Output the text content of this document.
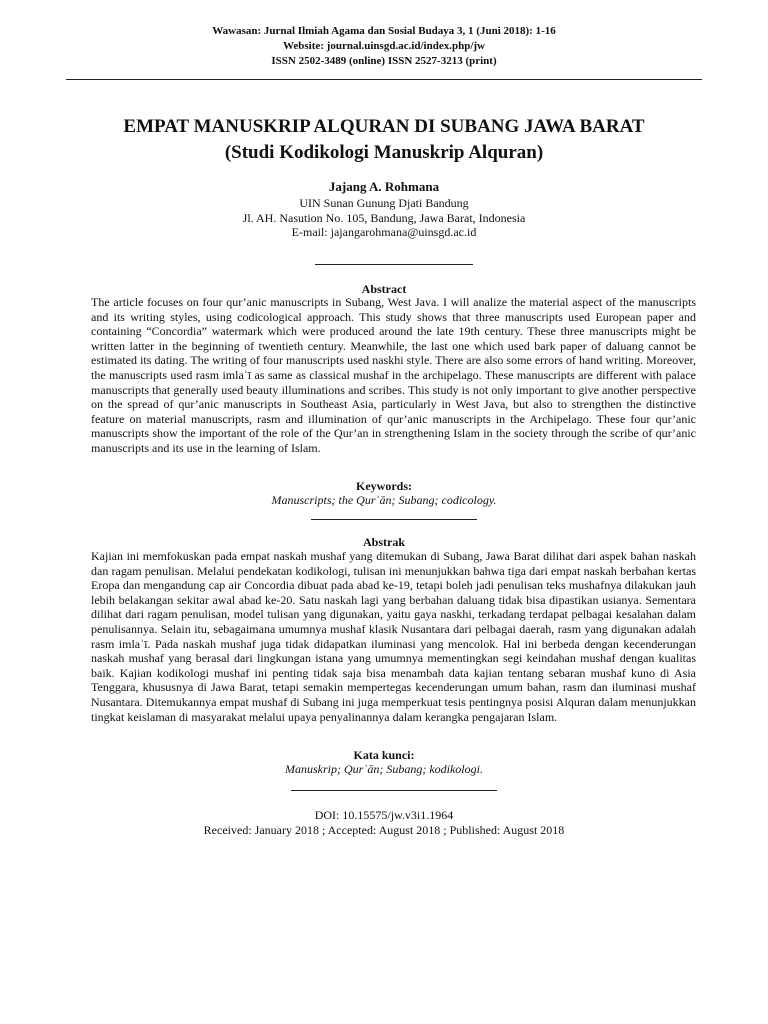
Wawasan: Jurnal Ilmiah Agama dan Sosial Budaya 3, 1 (Juni 2018): 1-16
Website: journal.uinsgd.ac.id/index.php/jw
ISSN 2502-3489 (online) ISSN 2527-3213 (print)
EMPAT MANUSKRIP ALQURAN DI SUBANG JAWA BARAT
(Studi Kodikologi Manuskrip Alquran)
Jajang A. Rohmana
UIN Sunan Gunung Djati Bandung
Jl. AH. Nasution No. 105, Bandung, Jawa Barat, Indonesia
E-mail: jajangarohmana@uinsgd.ac.id
Abstract
The article focuses on four qur’anic manuscripts in Subang, West Java. I will analize the material aspect of the manuscripts and its writing styles, using codicological approach. This study shows that three manuscripts used European paper and containing “Concordia” watermark which were produced around the late 19th century. These three manuscripts might be written latter in the beginning of twentieth century. Meanwhile, the last one which used bark paper of daluang cannot be estimated its dating. The writing of four manuscripts used naskhi style. There are also some errors of hand writing. Moreover, the manuscripts used rasm imlaʾī as same as classical mushaf in the archipelago. These manuscripts are different with palace manuscripts that generally used beauty illuminations and scribes. This study is not only important to give another perspective on the spread of qur’anic manuscripts in Southeast Asia, particularly in West Java, but also to strengthen the distinctive feature on material manuscripts, rasm and illumination of qur’anic manuscripts in the Archipelago. These four qur’anic manuscripts show the important of the role of the Qur’an in strengthening Islam in the society through the scribe of qur’anic manuscripts and its use in the learning of Islam.
Keywords:
Manuscripts; the Qurʾān; Subang; codicology.
Abstrak
Kajian ini memfokuskan pada empat naskah mushaf yang ditemukan di Subang, Jawa Barat dilihat dari aspek bahan naskah dan ragam penulisan. Melalui pendekatan kodikologi, tulisan ini menunjukkan bahwa tiga dari empat naskah berbahan kertas Eropa dan mengandung cap air Concordia dibuat pada abad ke-19, tetapi boleh jadi penulisan teks mushafnya dilakukan jauh lebih belakangan sekitar awal abad ke-20. Satu naskah lagi yang berbahan daluang tidak bisa dipastikan usianya. Sementara dilihat dari ragam penulisan, model tulisan yang digunakan, yaitu gaya naskhi, terkadang terdapat pelbagai kesalahan dalam penulisannya. Selain itu, sebagaimana umumnya mushaf klasik Nusantara dari pelbagai daerah, rasm yang digunakan adalah rasm imlaʾī. Pada naskah mushaf juga tidak didapatkan iluminasi yang mencolok. Hal ini berbeda dengan kecenderungan naskah mushaf yang berasal dari lingkungan istana yang umumnya mementingkan segi keindahan mushaf dengan kualitas baik. Kajian kodikologi mushaf ini penting tidak saja bisa menambah data kajian tentang sebaran mushaf kuno di Asia Tenggara, khususnya di Jawa Barat, tetapi semakin mempertegas kecenderungan umum bahan, rasm dan iluminasi mushaf Nusantara. Ditemukannya empat mushaf di Subang ini juga memperkuat tesis pentingnya posisi Alquran dalam menunjukkan tingkat keislaman di masyarakat melalui upaya penyalinannya dalam kerangka pengajaran Islam.
Kata kunci:
Manuskrip; Qurʾān; Subang; kodikologi.
DOI: 10.15575/jw.v3i1.1964
Received: January 2018 ; Accepted: August 2018 ; Published: August 2018
